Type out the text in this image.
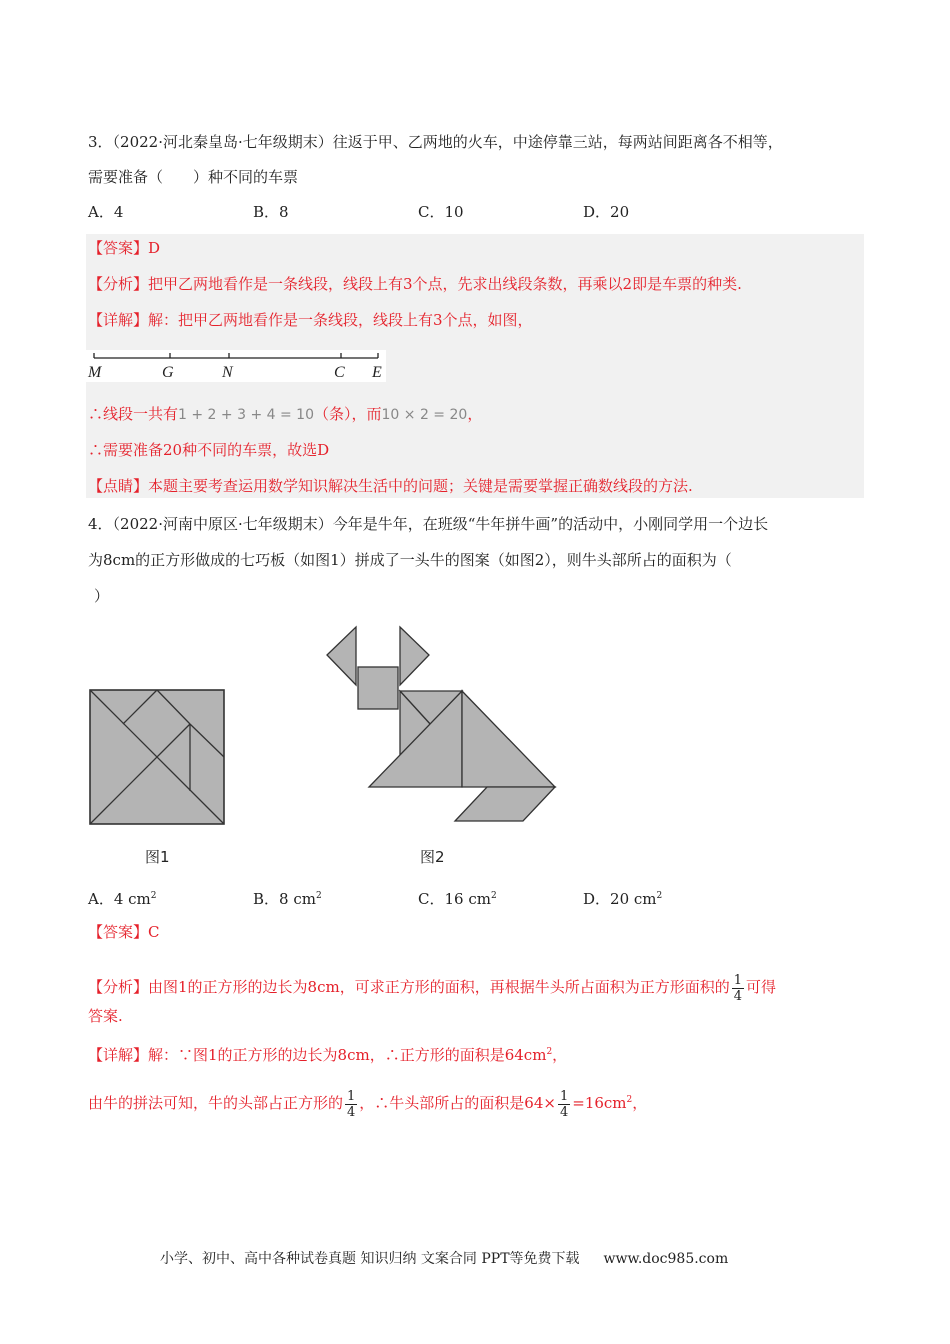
3．（2022·河北秦皇岛·七年级期末）往返于甲、乙两地的火车，中途停靠三站，每两站间距离各不相等，
需要准备（　　）种不同的车票
A．4	B．8	C．10	D．20
【答案】D
【分析】把甲乙两地看作是一条线段，线段上有3个点，先求出线段条数，再乘以2即是车票的种类.
【详解】解：把甲乙两地看作是一条线段，线段上有3个点，如图，
M	G	N	C E
∴线段一共有1 + 2 + 3 + 4 = 10（条），而10 × 2 = 20，
∴需要准备20种不同的车票，故选D
【点睛】本题主要考查运用数学知识解决生活中的问题；关键是需要掌握正确数线段的方法.
4．（2022·河南中原区·七年级期末）今年是牛年，在班级“牛年拼牛画”的活动中，小刚同学用一个边长
为8cm的正方形做成的七巧板（如图1）拼成了一头牛的图案（如图2），则牛头部所占的面积为（
）
图1	图2
A．4 $cm^2$	B．8 $cm^2$	C．16 $cm^2$	D．20 $cm^2$
【答案】C
【分析】由图1的正方形的边长为8cm，可求正方形的面积，再根据牛头所占面积为正方形面积的 $\frac{1}{4}$ 可得
答案.
【详解】解：∵图1的正方形的边长为8cm，∴正方形的面积是$64cm^2$，
由牛的拼法可知，牛的头部占正方形的 $\frac{1}{4}$ ，∴牛头部所占的面积是$64\times \frac{1}{4} =16cm^2$，
小学、初中、高中各种试卷真题 知识归纳 文案合同 PPT等免费下载 www.doc985.com
